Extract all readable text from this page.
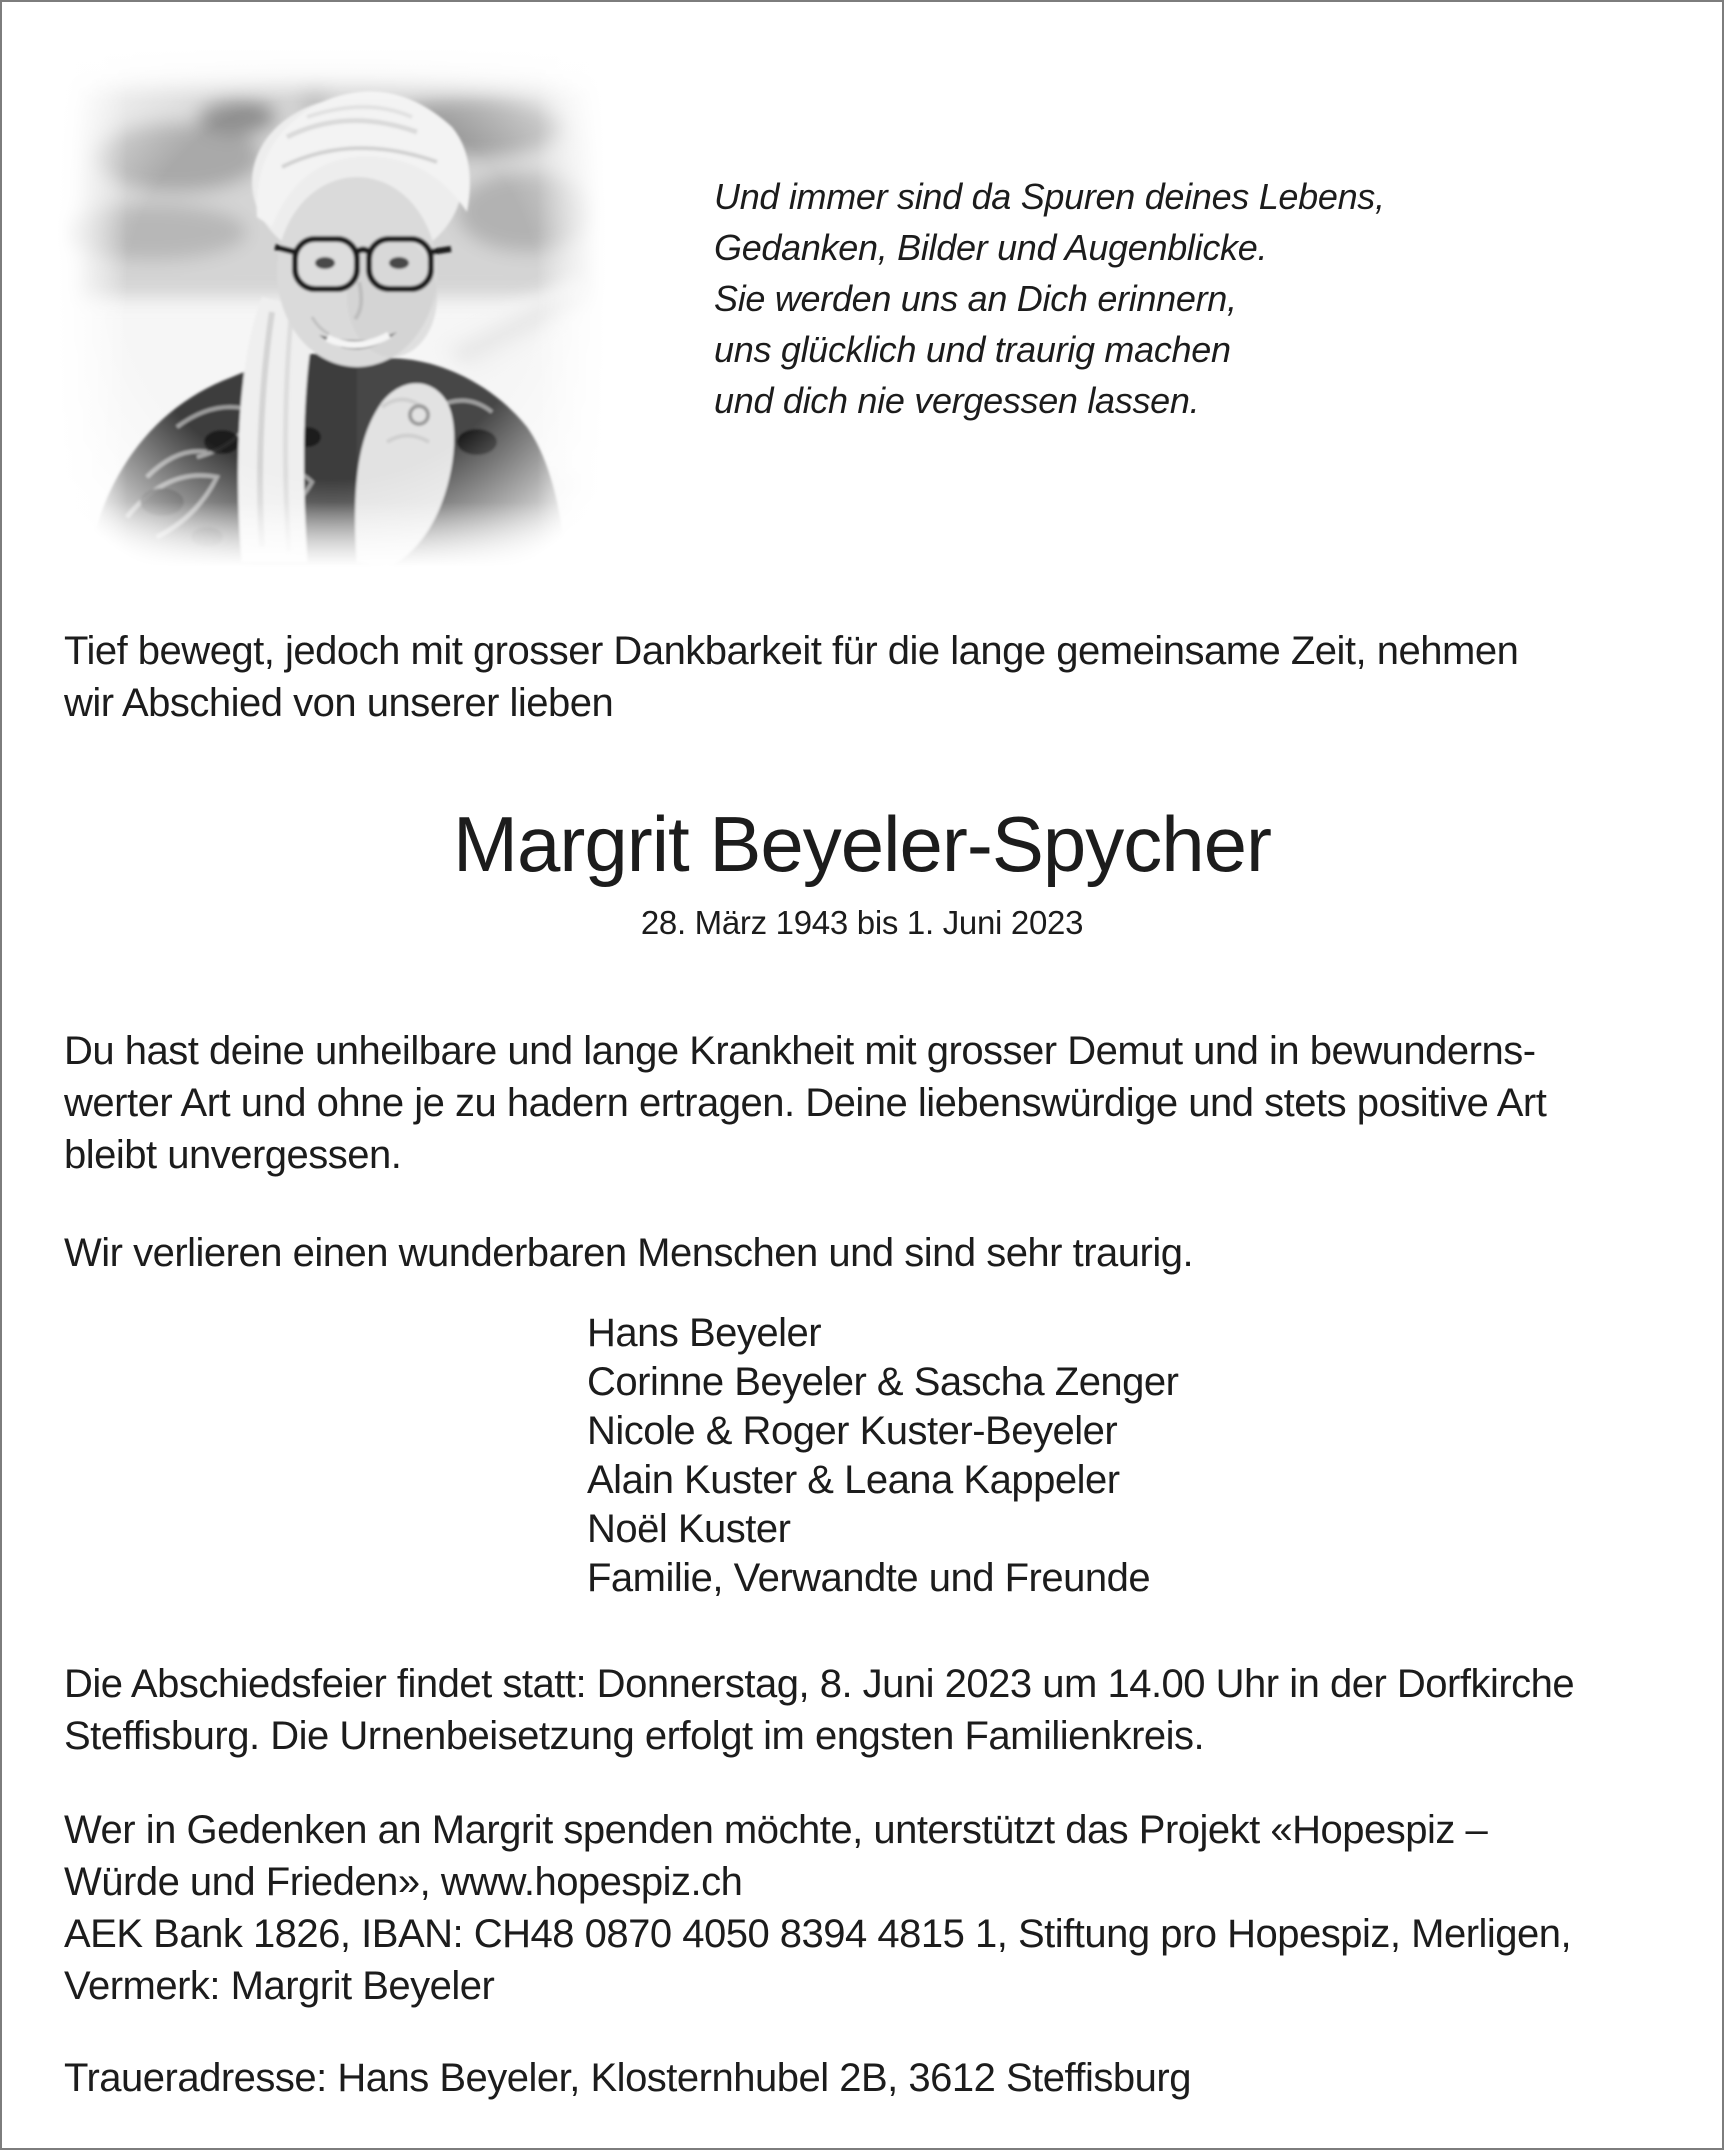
Und immer sind da Spuren deines Lebens,
Gedanken, Bilder und Augenblicke.
Sie werden uns an Dich erinnern,
uns glücklich und traurig machen
und dich nie vergessen lassen.
Tief bewegt, jedoch mit grosser Dankbarkeit für die lange gemeinsame Zeit, nehmen
wir Abschied von unserer lieben
Margrit Beyeler-Spycher
28. März 1943 bis 1. Juni 2023
Du hast deine unheilbare und lange Krankheit mit grosser Demut und in bewunderns-
werter Art und ohne je zu hadern ertragen. Deine liebenswürdige und stets positive Art
bleibt unvergessen.
Wir verlieren einen wunderbaren Menschen und sind sehr traurig.
Hans Beyeler
Corinne Beyeler & Sascha Zenger
Nicole & Roger Kuster-Beyeler
Alain Kuster & Leana Kappeler
Noël Kuster
Familie, Verwandte und Freunde
Die Abschiedsfeier findet statt: Donnerstag, 8. Juni 2023 um 14.00 Uhr in der Dorfkirche
Steffisburg. Die Urnenbeisetzung erfolgt im engsten Familienkreis.
Wer in Gedenken an Margrit spenden möchte, unterstützt das Projekt «Hopespiz –
Würde und Frieden», www.hopespiz.ch
AEK Bank 1826, IBAN: CH48 0870 4050 8394 4815 1, Stiftung pro Hopespiz, Merligen,
Vermerk: Margrit Beyeler
Traueradresse: Hans Beyeler, Klosternhubel 2B, 3612 Steffisburg
